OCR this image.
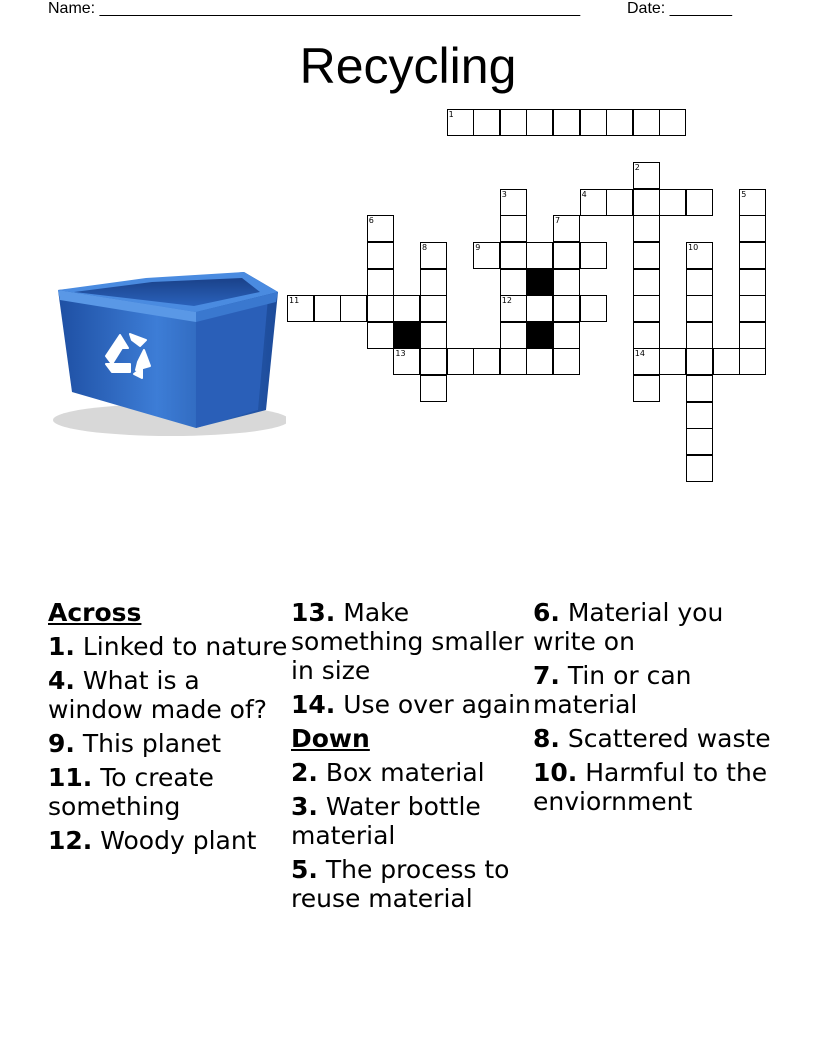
Name: ______________________________________________________	Date: _______
Recycling
1
4
9
11	12
13	14
2
3	5
6	7
8	10
Across
1. Linked to nature
4. What is a window made of?
9. This planet
11. To create something
12. Woody plant
13. Make something smaller in size
14. Use over again
Down
2. Box material
3. Water bottle material
5. The process to reuse material
6. Material you write on
7. Tin or can material
8. Scattered waste
10. Harmful to the enviornment
